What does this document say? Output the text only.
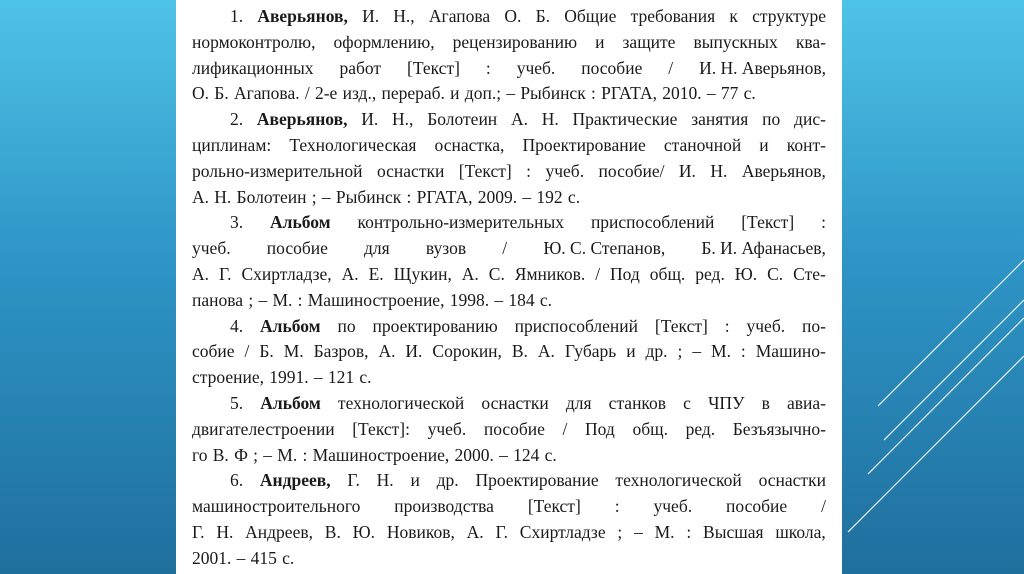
1. Аверьянов, И. Н., Агапова О. Б. Общие требования к структуре
нормоконтролю, оформлению, рецензированию и защите выпускных ква-
лификационных работ [Текст] : учеб. пособие / И. Н. Аверьянов,
О. Б. Агапова. / 2-е изд., перераб. и доп.; – Рыбинск : РГАТА, 2010. – 77 с.
2. Аверьянов, И. Н., Болотеин А. Н. Практические занятия по дис-
циплинам: Технологическая оснастка, Проектирование станочной и конт-
рольно-измерительной оснастки [Текст] : учеб. пособие/ И. Н. Аверьянов,
А. Н. Болотеин ; – Рыбинск : РГАТА, 2009. – 192 с.
3. Альбом контрольно-измерительных приспособлений [Текст] :
учеб. пособие для вузов / Ю. С. Степанов, Б. И. Афанасьев,
А. Г. Схиртладзе, А. Е. Щукин, А. С. Ямников. / Под общ. ред. Ю. С. Сте-
панова ; – М. : Машиностроение, 1998. – 184 с.
4. Альбом по проектированию приспособлений [Текст] : учеб. по-
собие / Б. М. Базров, А. И. Сорокин, В. А. Губарь и др. ; – М. : Машино-
строение, 1991. – 121 с.
5. Альбом технологической оснастки для станков с ЧПУ в авиа-
двигателестроении [Текст]: учеб. пособие / Под общ. ред. Безъязычно-
го В. Ф ; – М. : Машиностроение, 2000. – 124 с.
6. Андреев, Г. Н. и др. Проектирование технологической оснастки
машиностроительного производства [Текст] : учеб. пособие /
Г. Н. Андреев, В. Ю. Новиков, А. Г. Схиртладзе ; – М. : Высшая школа,
2001. – 415 с.
